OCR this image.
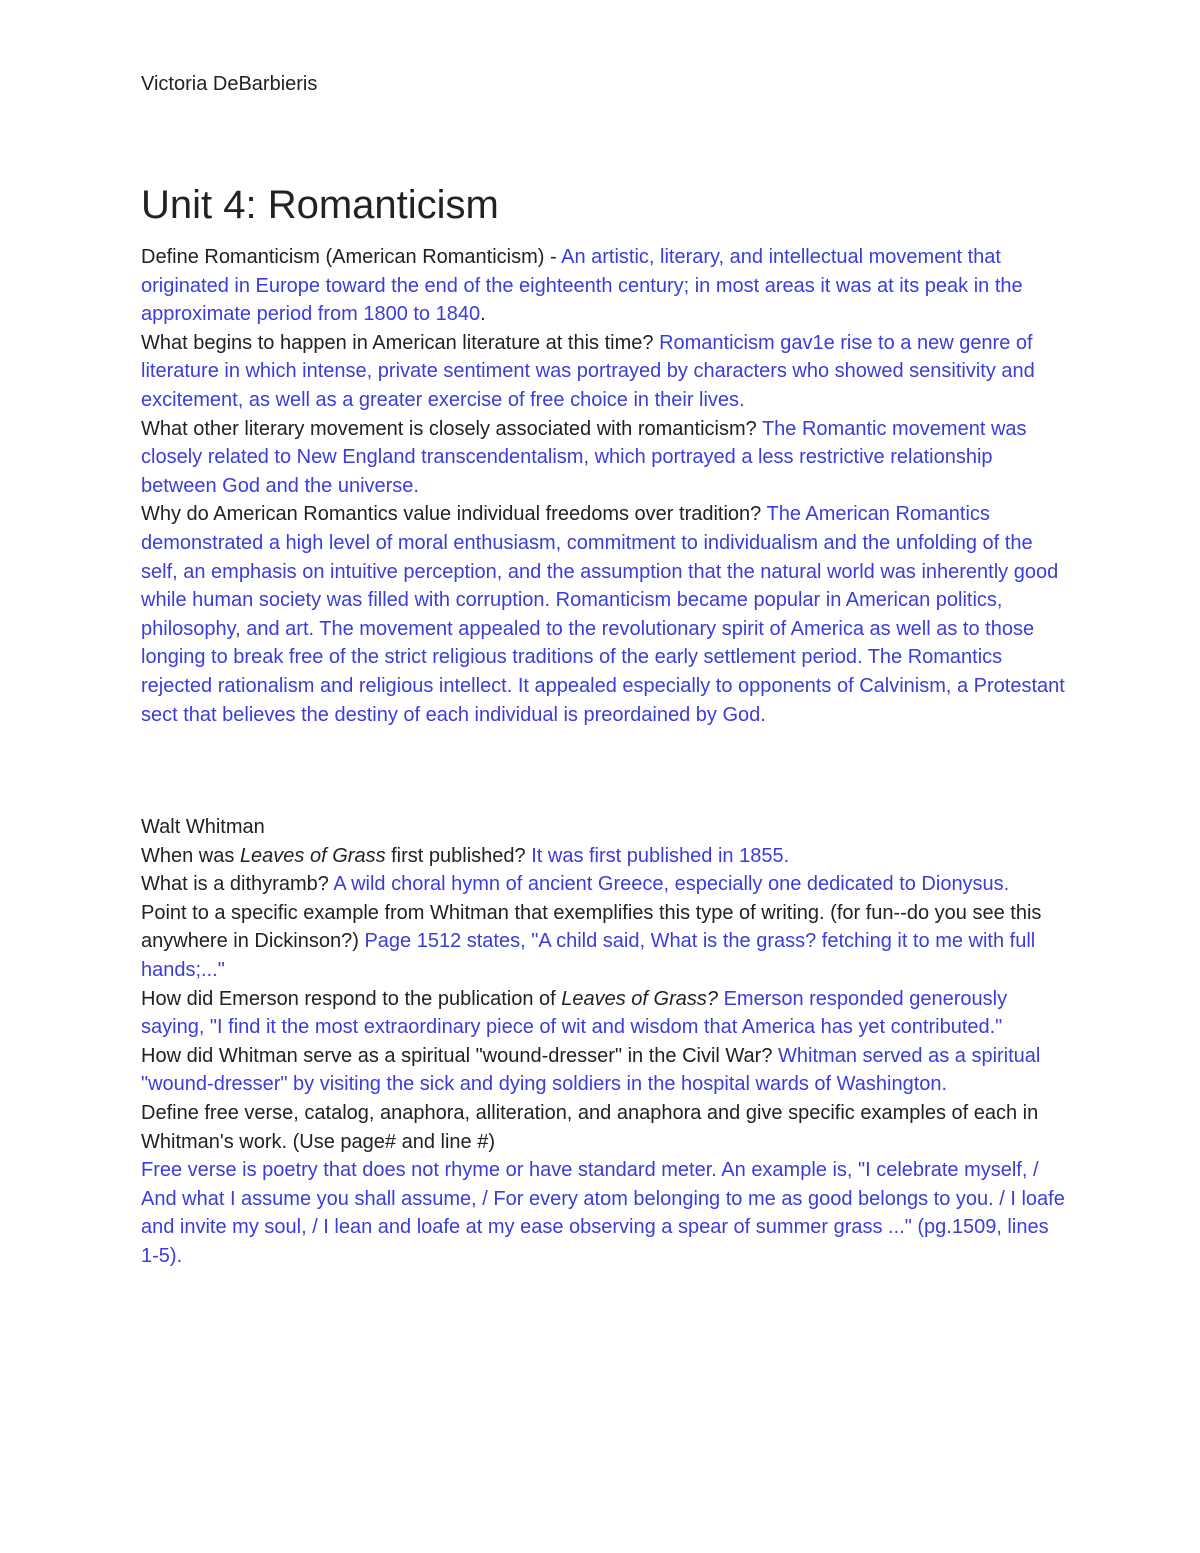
Victoria DeBarbieris

Unit 4: Romanticism

Define Romanticism (American Romanticism) - An artistic, literary, and intellectual movement that originated in Europe toward the end of the eighteenth century; in most areas it was at its peak in the approximate period from 1800 to 1840.

What begins to happen in American literature at this time? Romanticism gav1e rise to a new genre of literature in which intense, private sentiment was portrayed by characters who showed sensitivity and excitement, as well as a greater exercise of free choice in their lives.

What other literary movement is closely associated with romanticism? The Romantic movement was closely related to New England transcendentalism, which portrayed a less restrictive relationship between God and the universe.

Why do American Romantics value individual freedoms over tradition? The American Romantics demonstrated a high level of moral enthusiasm, commitment to individualism and the unfolding of the self, an emphasis on intuitive perception, and the assumption that the natural world was inherently good while human society was filled with corruption. Romanticism became popular in American politics, philosophy, and art. The movement appealed to the revolutionary spirit of America as well as to those longing to break free of the strict religious traditions of the early settlement period. The Romantics rejected rationalism and religious intellect. It appealed especially to opponents of Calvinism, a Protestant sect that believes the destiny of each individual is preordained by God.

Walt Whitman

When was Leaves of Grass first published? It was first published in 1855.

What is a dithyramb? A wild choral hymn of ancient Greece, especially one dedicated to Dionysus.

Point to a specific example from Whitman that exemplifies this type of writing. (for fun--do you see this anywhere in Dickinson?) Page 1512 states, "A child said, What is the grass? fetching it to me with full hands;..."

How did Emerson respond to the publication of Leaves of Grass? Emerson responded generously saying, "I find it the most extraordinary piece of wit and wisdom that America has yet contributed."

How did Whitman serve as a spiritual "wound-dresser" in the Civil War? Whitman served as a spiritual "wound-dresser" by visiting the sick and dying soldiers in the hospital wards of Washington.

Define free verse, catalog, anaphora, alliteration, and anaphora and give specific examples of each in Whitman's work. (Use page# and line #)

Free verse is poetry that does not rhyme or have standard meter. An example is, "I celebrate myself, / And what I assume you shall assume, / For every atom belonging to me as good belongs to you. / I loafe and invite my soul, / I lean and loafe at my ease observing a spear of summer grass ..." (pg.1509, lines 1-5).
